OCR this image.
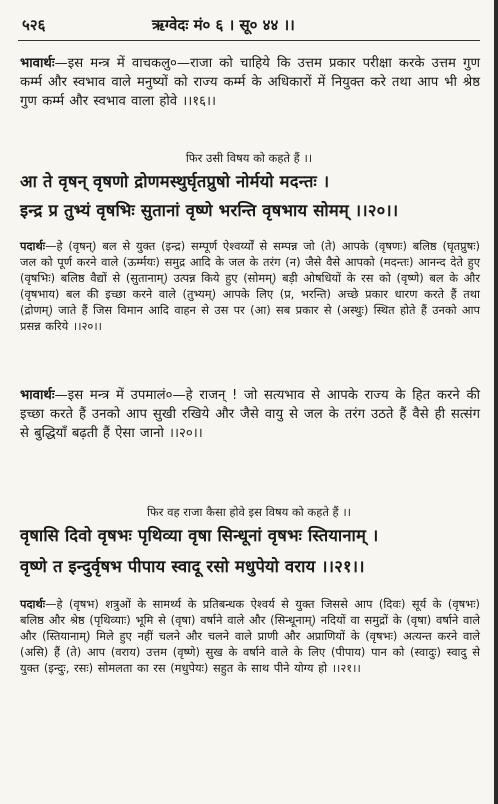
५२६	ऋग्वेदः मं० ६ । सू० ४४ ।।
भावार्थः—इस मन्त्र में वाचकलु०—राजा को चाहिये कि उत्तम प्रकार परीक्षा करके उत्तम गुण कर्म्म और स्वभाव वाले मनुष्यों को राज्य कर्म्म के अधिकारों में नियुक्त करे तथा आप भी श्रेष्ठ गुण कर्म्म और स्वभाव वाला होवे ।।१६।।
फिर उसी विषय को कहते हैं ।।
आ ते वृषन् वृषणो द्रोणमस्थुर्घृतप्रुषो नोर्मयो मदन्तः ।
इन्द्र प्र तुभ्यं वृषभिः सुतानां वृष्णे भरन्ति वृषभाय सोमम् ।।२०।।
पदार्थः—हे (वृषन्) बल से युक्त (इन्द्र) सम्पूर्ण ऐश्वर्य्यों से सम्पन्न जो (ते) आपके (वृषणः) बलिष्ठ (घृतप्रुषः) जल को पूर्ण करने वाले (ऊर्म्मयः) समुद्र आदि के जल के तरंग (न) जैसे वैसे आपको (मदन्तः) आनन्द देते हुए (वृषभिः) बलिष्ठ वैद्यों से (सुतानाम्) उत्पन्न किये हुए (सोमम्) बड़ी ओषधियों के रस को (वृष्णे) बल के और (वृषभाय) बल की इच्छा करने वाले (तुभ्यम्) आपके लिए (प्र, भरन्ति) अच्छे प्रकार धारण करते हैं तथा (द्रोणम्) जाते हैं जिस विमान आदि वाहन से उस पर (आ) सब प्रकार से (अस्थुः) स्थित होते हैं उनको आप प्रसन्न करिये ।।२०।।
भावार्थः—इस मन्त्र में उपमालं०—हे राजन् ! जो सत्यभाव से आपके राज्य के हित करने की इच्छा करते हैं उनको आप सुखी रखिये और जैसे वायु से जल के तरंग उठते हैं वैसे ही सत्संग से बुद्धियाँ बढ़ती हैं ऐसा जानो ।।२०।।
फिर वह राजा कैसा होवे इस विषय को कहते हैं ।।
वृषासि दिवो वृषभः पृथिव्या वृषा सिन्धूनां वृषभः स्तियानाम् ।
वृष्णे त इन्दुर्वृषभ पीपाय स्वादू रसो मधुपेयो वराय ।।२१।।
पदार्थः—हे (वृषभ) शत्रुओं के सामर्थ्य के प्रतिबन्धक ऐश्वर्य से युक्त जिससे आप (दिवः) सूर्य के (वृषभः) बलिष्ठ और श्रेष्ठ (पृथिव्याः) भूमि से (वृषा) वर्षाने वाले और (सिन्धूनाम्) नदियों वा समुद्रों के (वृषा) वर्षाने वाले और (स्तियानाम्) मिले हुए नहीं चलने और चलने वाले प्राणी और अप्राणियों के (वृषभः) अत्यन्त करने वाले (असि) हैं (ते) आप (वराय) उत्तम (वृष्णे) सुख के वर्षाने वाले के लिए (पीपाय) पान को (स्वादुः) स्वादु से युक्त (इन्दुः, रसः) सोमलता का रस (मधुपेयः) सहुत के साथ पीने योग्य हो ।।२१।।
